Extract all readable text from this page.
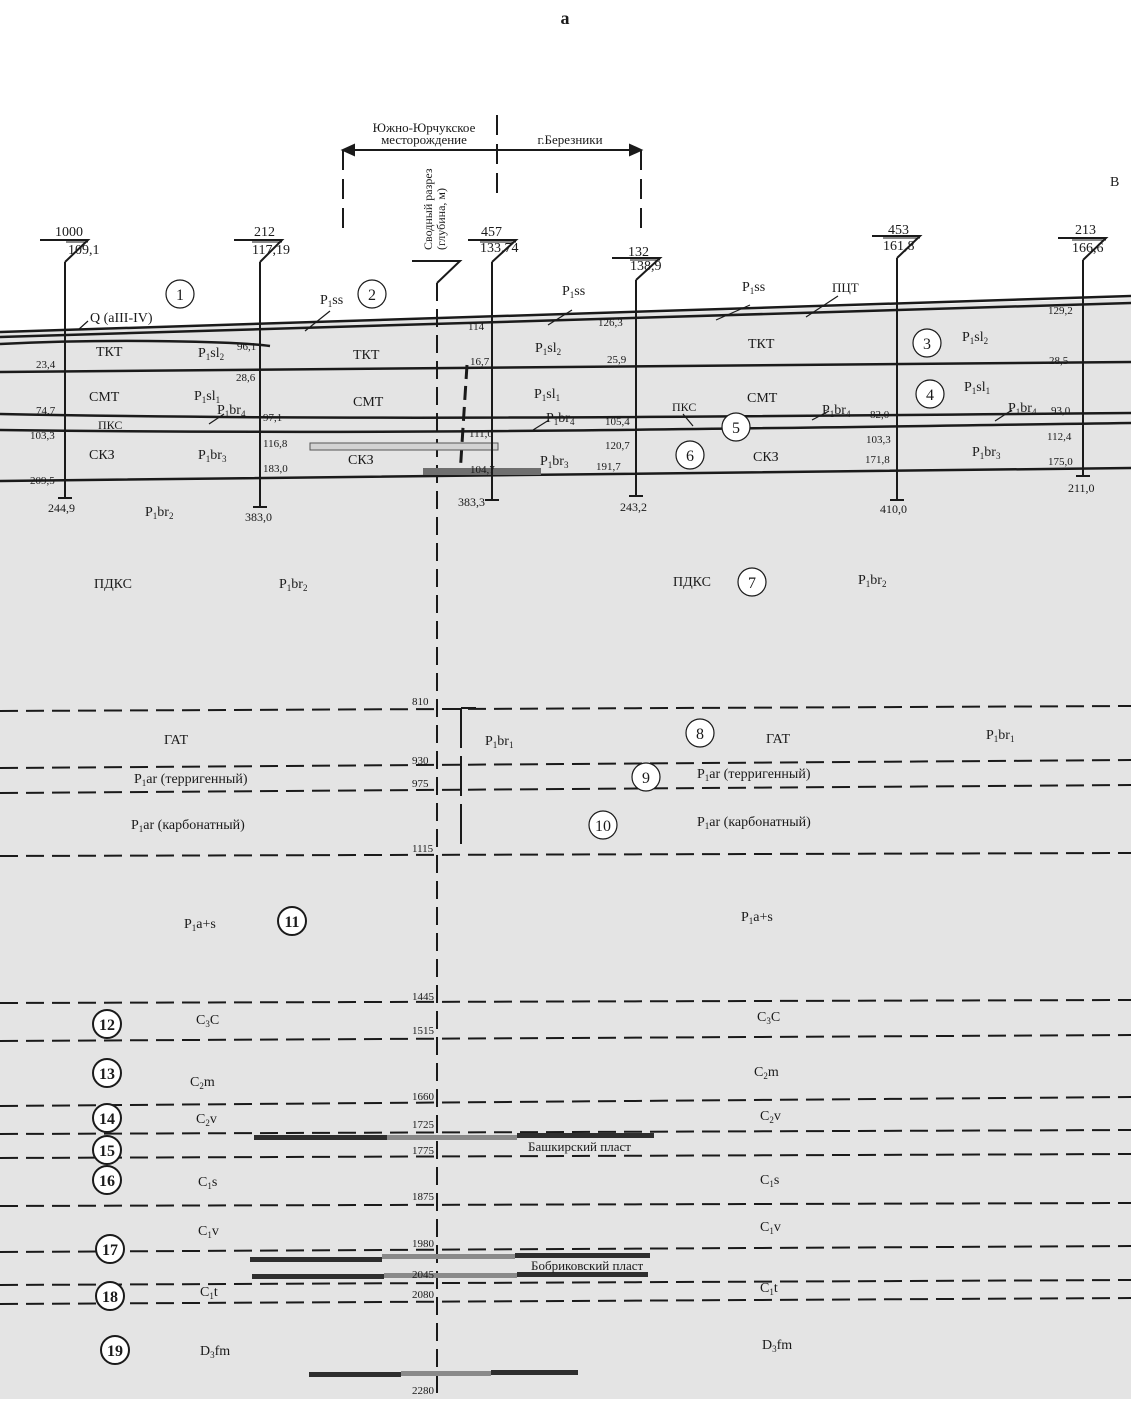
а
В
Южно-Юрчукское
месторождение	г.Березники
Сводный разрез (глубина, м)
Башкирский пласт
Бобриковский пласт
1000
109,1
244,9
212
117,19
383,0
457
133,74
383,3
132
138,9
243,2
453
161,8
410,0
213
166,6
211,0
23,4
74,7
103,3
209,5
96,1
28,6
97,1
116,8
183,0
114
16,7
111,0
104,7
126,3
25,9
105,4
120,7
191,7
82,0
103,3
171,8
129,2
28,5
93,0
112,4
175,0
Q (aIII-IV)
ТКТ	ТКТ
ТКТ
СМТ	СМТ	СМТ
ПКС
ПКС
ПЦТ
СКЗ	СКЗ	СКЗ
ПДКС	ПДКС
ГАТ	ГАТ
$P_1ss$
$P_1ss$	$P_1ss$
$P_1sl_2$
$P_1sl_2$
$P_1sl_2$
$P_1sl_1$	$P_1sl_1$
$P_1sl_1$
$P_1br_4$	$P_1br_4$
$P_1br_4$	$P_1br_4$
$P_1br_3$	$P_1br_3$
$P_1br_3$
$P_1br_2$
$P_1br_2$	$P_1br_2$
$P_1br_1$
$P_1br_1$
$P_1a+s$	$P_1a+s$
$C_3C$	$C_3C$
$C_2m$
$C_2m$
$C_2v$	$C_2v$
$C_1s$	$C_1s$
$C_1v$	$C_1v$
$C_1t$	$C_1t$
$D_3fm$	$D_3fm$
$P_1ar$ (терригенный)
$P_1ar$ (карбонатный)
$P_1ar$ (терригенный)
$P_1ar$ (карбонатный)
810
930
975
1115
1445
1515
1660
1725
1775
1875
1980
2045
2080
2280
1	2
3
4
5
6
7
8
9
10
11
12
13
14
15
16
17
18
19
